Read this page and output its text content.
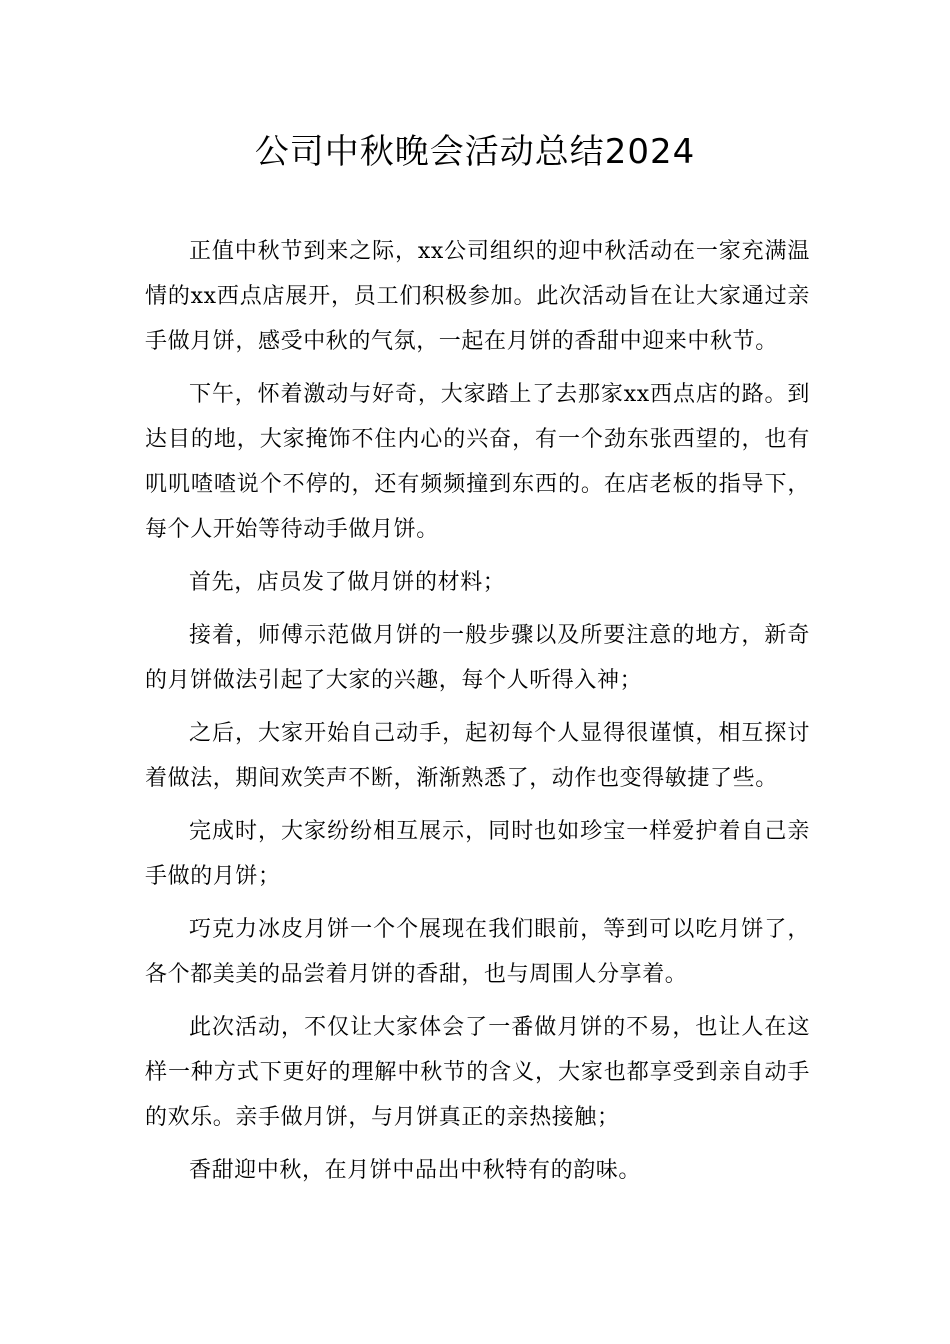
公司中秋晚会活动总结2024

正值中秋节到来之际，xx公司组织的迎中秋活动在一家充满温情的xx西点店展开，员工们积极参加。此次活动旨在让大家通过亲手做月饼，感受中秋的气氛，一起在月饼的香甜中迎来中秋节。

下午，怀着激动与好奇，大家踏上了去那家xx西点店的路。到达目的地，大家掩饰不住内心的兴奋，有一个劲东张西望的，也有叽叽喳喳说个不停的，还有频频撞到东西的。在店老板的指导下，每个人开始等待动手做月饼。

首先，店员发了做月饼的材料；

接着，师傅示范做月饼的一般步骤以及所要注意的地方，新奇的月饼做法引起了大家的兴趣，每个人听得入神；

之后，大家开始自己动手，起初每个人显得很谨慎，相互探讨着做法，期间欢笑声不断，渐渐熟悉了，动作也变得敏捷了些。

完成时，大家纷纷相互展示，同时也如珍宝一样爱护着自己亲手做的月饼；

巧克力冰皮月饼一个个展现在我们眼前，等到可以吃月饼了，各个都美美的品尝着月饼的香甜，也与周围人分享着。

此次活动，不仅让大家体会了一番做月饼的不易，也让人在这样一种方式下更好的理解中秋节的含义，大家也都享受到亲自动手的欢乐。亲手做月饼，与月饼真正的亲热接触；

香甜迎中秋，在月饼中品出中秋特有的韵味。
